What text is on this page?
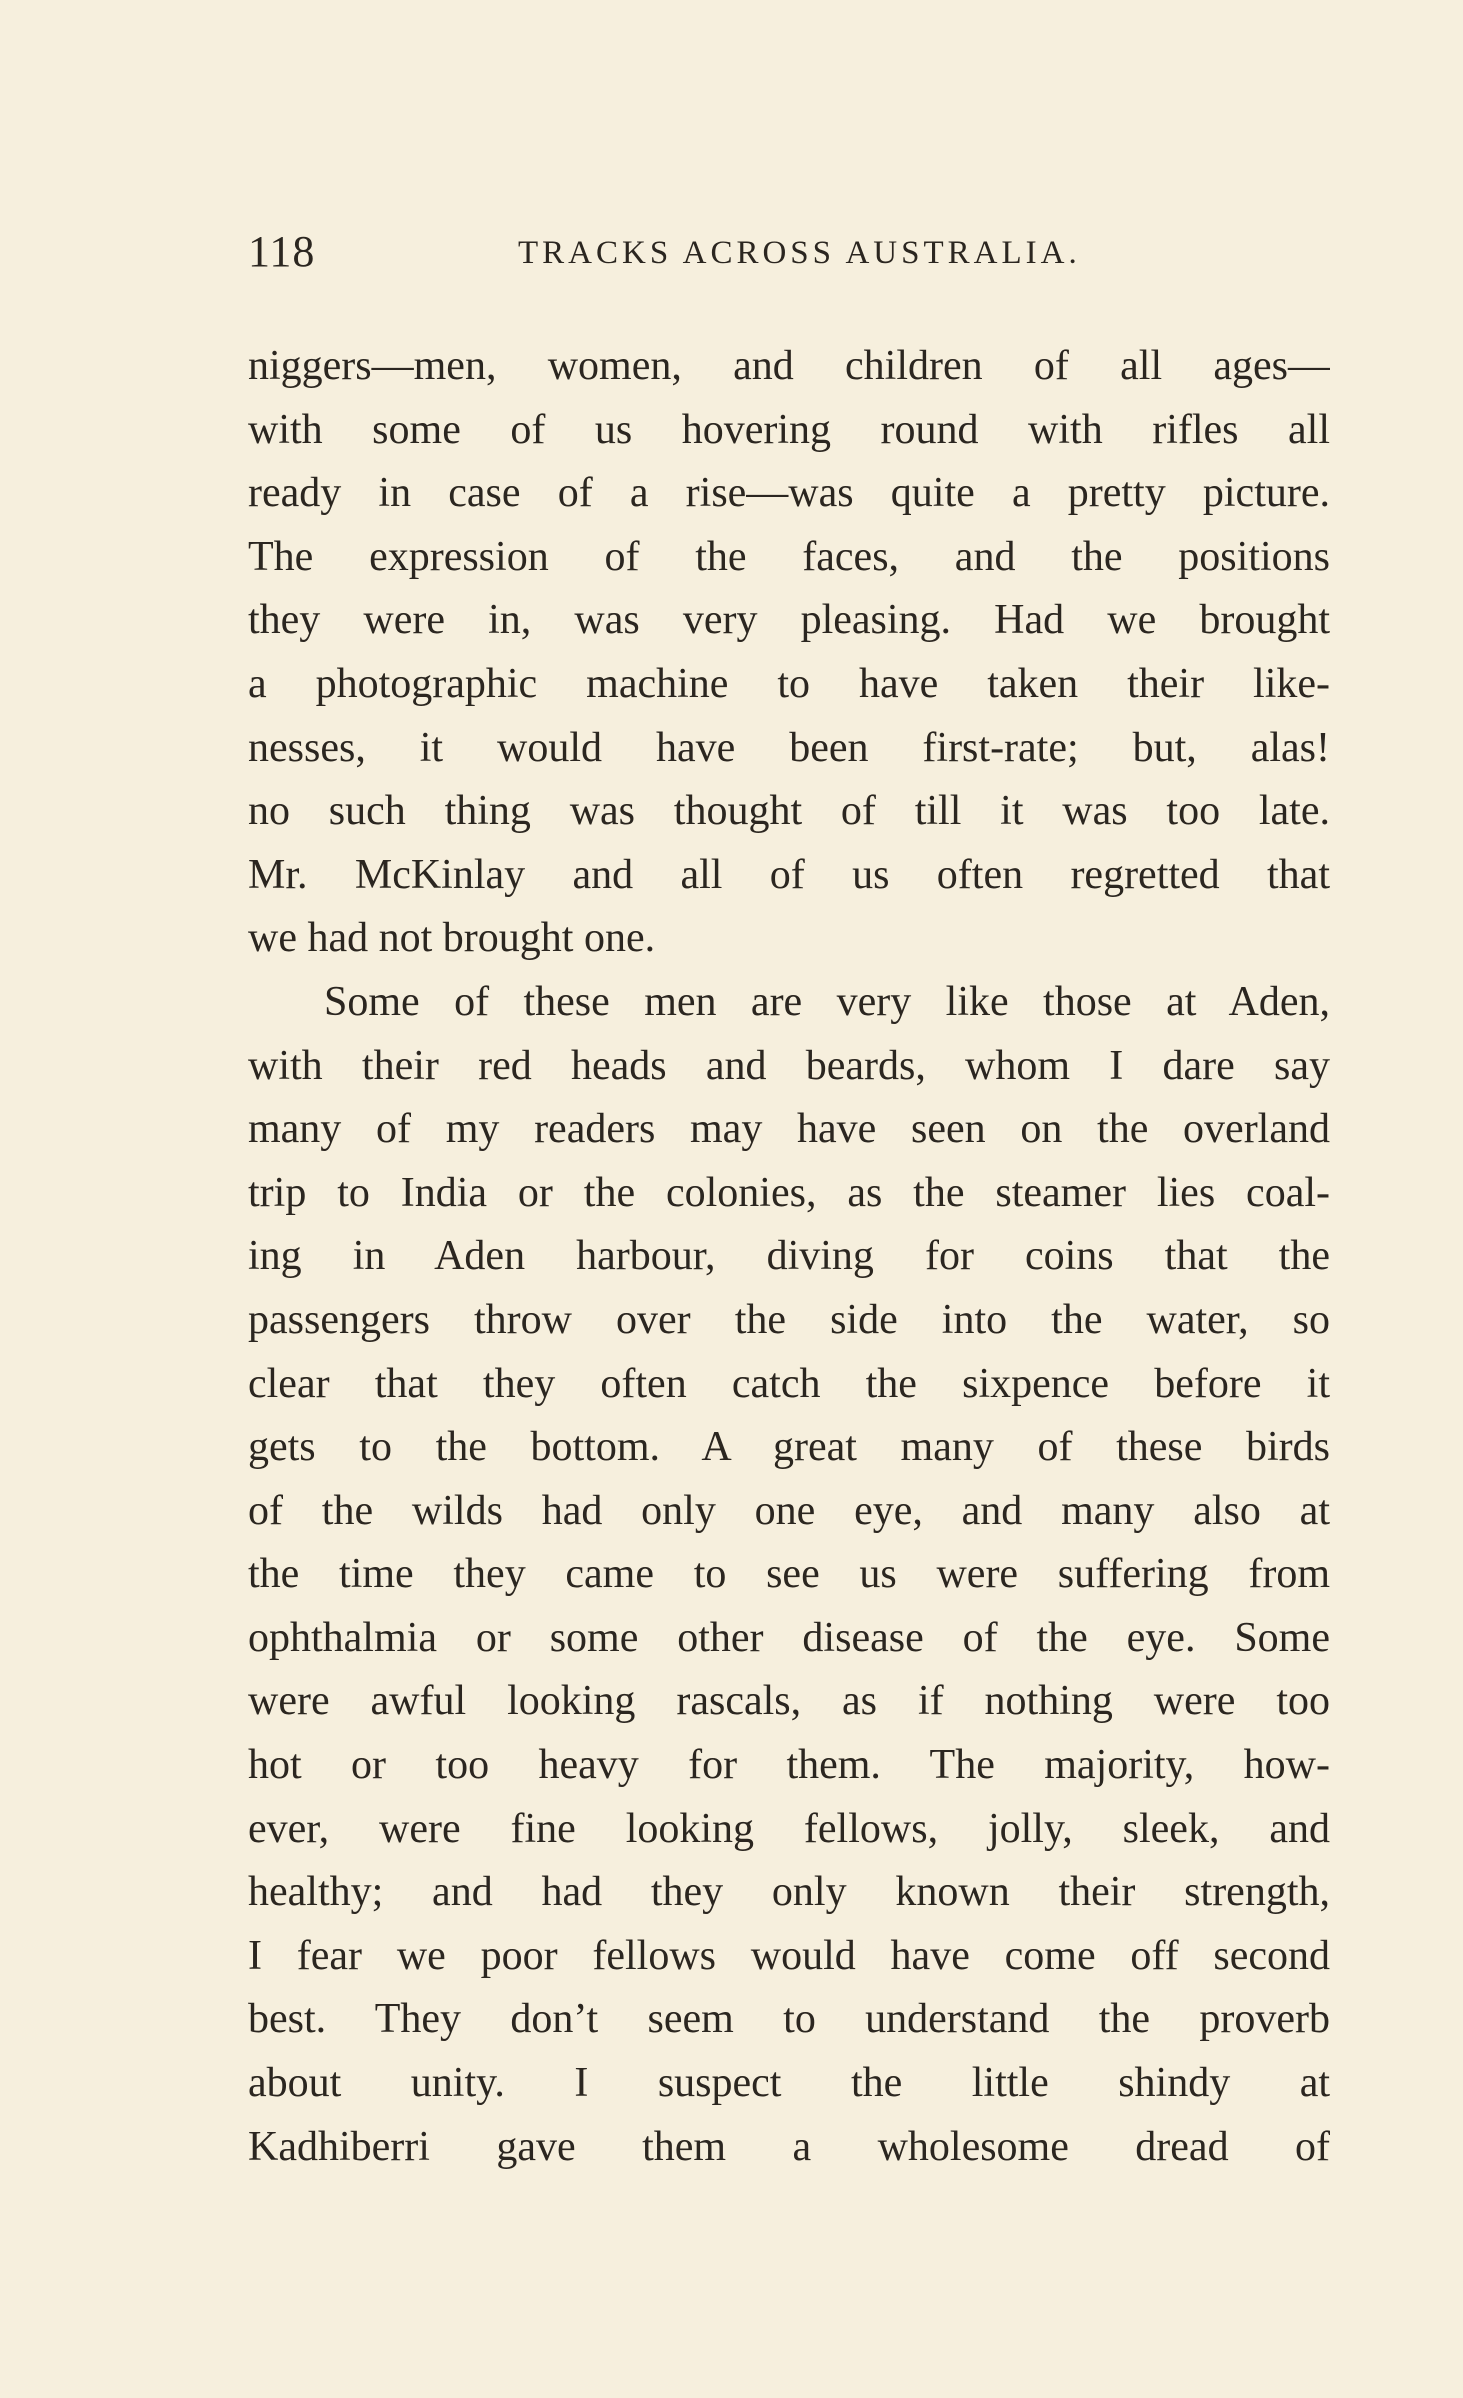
118	TRACKS ACROSS AUSTRALIA.
niggers—men, women, and children of all ages—
with some of us hovering round with rifles all
ready in case of a rise—was quite a pretty picture.
The expression of the faces, and the positions
they were in, was very pleasing. Had we brought
a photographic machine to have taken their like-
nesses, it would have been first-rate; but, alas!
no such thing was thought of till it was too late.
Mr. McKinlay and all of us often regretted that
we had not brought one.
Some of these men are very like those at Aden,
with their red heads and beards, whom I dare say
many of my readers may have seen on the overland
trip to India or the colonies, as the steamer lies coal-
ing in Aden harbour, diving for coins that the
passengers throw over the side into the water, so
clear that they often catch the sixpence before it
gets to the bottom. A great many of these birds
of the wilds had only one eye, and many also at
the time they came to see us were suffering from
ophthalmia or some other disease of the eye. Some
were awful looking rascals, as if nothing were too
hot or too heavy for them. The majority, how-
ever, were fine looking fellows, jolly, sleek, and
healthy; and had they only known their strength,
I fear we poor fellows would have come off second
best. They don’t seem to understand the proverb
about unity. I suspect the little shindy at
Kadhiberri gave them a wholesome dread of
